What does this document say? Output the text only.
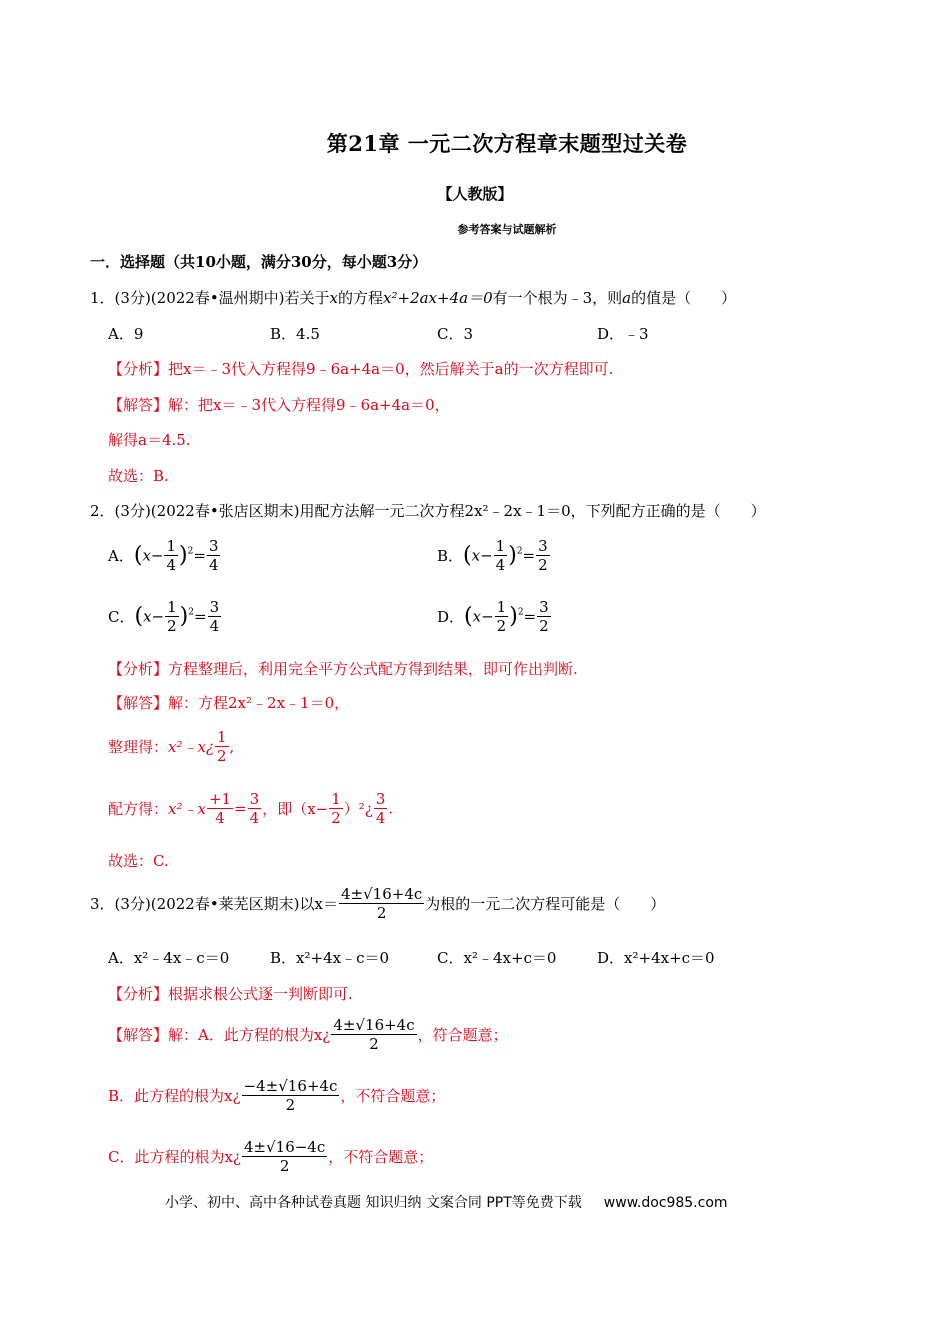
第21章 一元二次方程章末题型过关卷
【人教版】
参考答案与试题解析
一．选择题（共10小题，满分30分，每小题3分）
1．(3分)(2022春•温州期中)若关于x的方程x²+2ax+4a＝0有一个根为﹣3，则a的值是（　　）
A．9	B．4.5	C．3	D．﹣3
【分析】把x＝﹣3代入方程得9﹣6a+4a＝0，然后解关于a的一次方程即可.
【解答】解：把x＝﹣3代入方程得9﹣6a+4a＝0，
解得a＝4.5.
故选：B.
2．(3分)(2022春•张店区期末)用配方法解一元二次方程2x²﹣2x﹣1＝0，下列配方正确的是（　　）
A．$(x- \frac{1}{4} )^2= \frac{3}{4}$	B．$(x- \frac{1}{4} )^2= \frac{3}{2}$
C．$(x- \frac{1}{2} )^2= \frac{3}{4}$	D．$(x- \frac{1}{2} )^2= \frac{3}{2}$
【分析】方程整理后，利用完全平方公式配方得到结果，即可作出判断.
【解答】解：方程2x²﹣2x﹣1＝0，
整理得：x²﹣x¿ $\frac{1}{2}$ ,
配方得：x²﹣x $\frac{+1}{4} = \frac{3}{4}$ ，即（$x- \frac{1}{2}$ ）²¿ $\frac{3}{4}$ .
故选：C.
3．(3分)(2022春•莱芜区期末)以$x= \frac{4\pm√16+4c}{2}$ 为根的一元二次方程可能是（　　）
A．x²﹣4x﹣c＝0	B．x²+4x﹣c＝0	C．x²﹣4x+c＝0	D．x²+4x+c＝0
【分析】根据求根公式逐一判断即可.
【解答】解：A．此方程的根为x¿ $\frac{4\pm√16+4c}{2}$ ，符合题意；
B．此方程的根为x¿ $\frac{-4\pm√16+4c}{2}$ ，不符合题意；
C．此方程的根为x¿ $\frac{4\pm√16-4c}{2}$ ，不符合题意；
小学、初中、高中各种试卷真题 知识归纳 文案合同 PPT等免费下载 www.doc985.com
